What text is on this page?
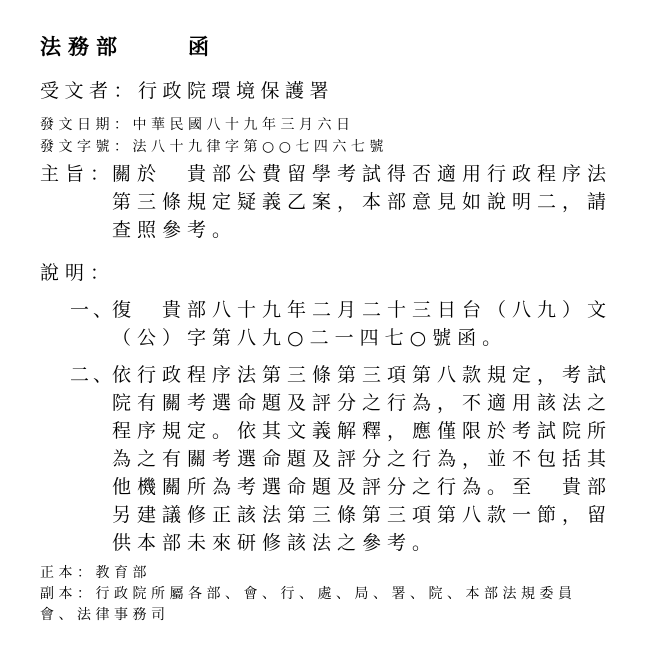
法務部	函
受文者：行政院環境保護署
發文日期：中華民國八十九年三月六日
發文字號：法八十九律字第○○七四六七號
主旨：
關於　貴部公費留學考試得否適用行政程序法
第三條規定疑義乙案，本部意見如說明二，請
查照參考。
說明：
一、
復　貴部八十九年二月二十三日台（八九）文
（公）字第八九○二一四七○號函。
二、
依行政程序法第三條第三項第八款規定，考試
院有關考選命題及評分之行為，不適用該法之
程序規定。依其文義解釋，應僅限於考試院所
為之有關考選命題及評分之行為，並不包括其
他機關所為考選命題及評分之行為。至　貴部
另建議修正該法第三條第三項第八款一節，留
供本部未來研修該法之參考。
正本：教育部
副本：行政院所屬各部、會、行、處、局、署、院、本部法規委員
會、法律事務司
